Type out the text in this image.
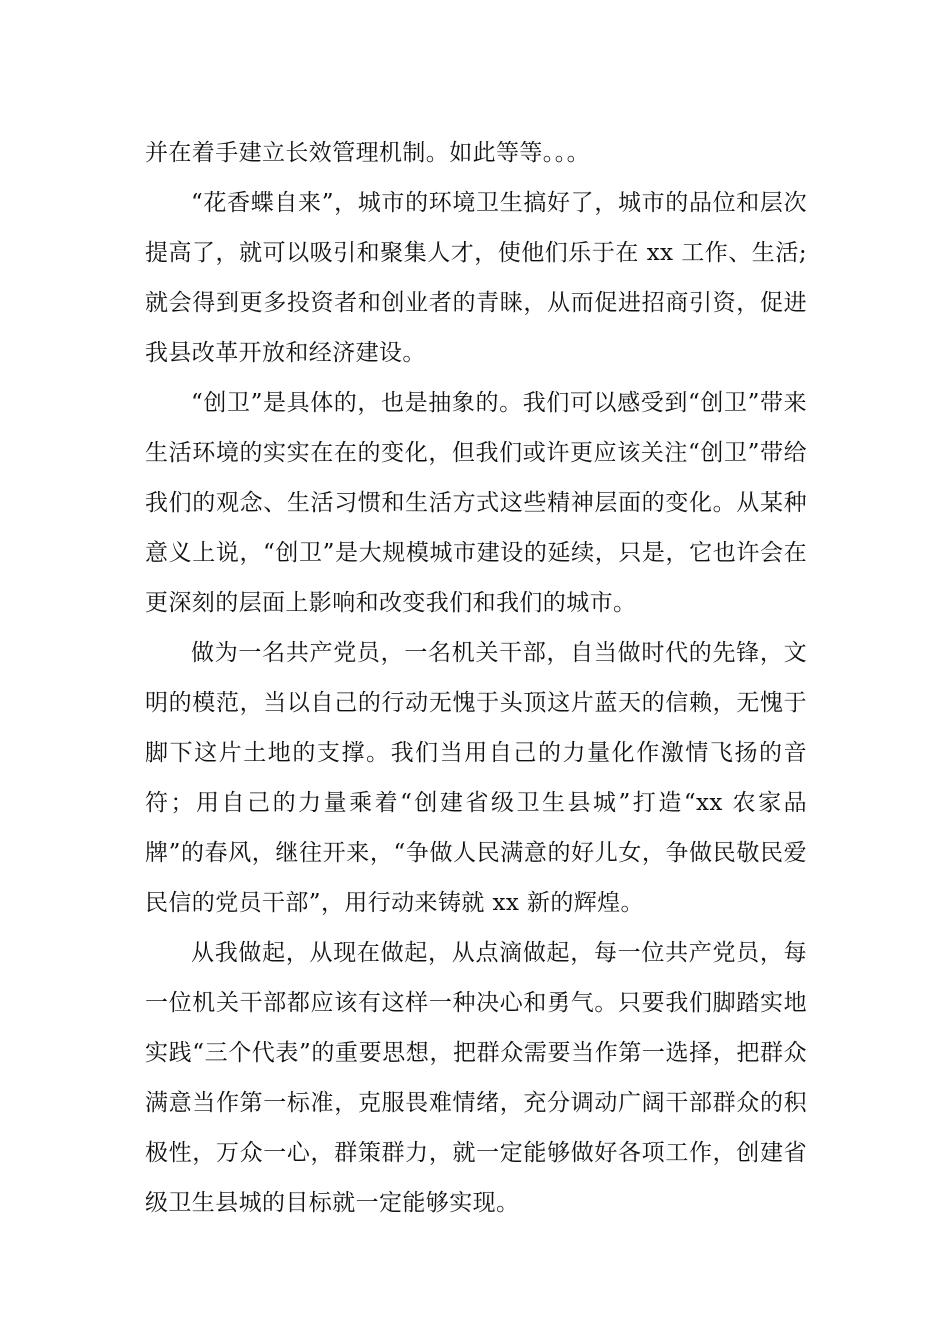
并在着手建立长效管理机制。如此等等。。。

“花香蝶自来”，城市的环境卫生搞好了，城市的品位和层次提高了，就可以吸引和聚集人才，使他们乐于在 xx 工作、生活;就会得到更多投资者和创业者的青睐，从而促进招商引资，促进我县改革开放和经济建设。

“创卫”是具体的，也是抽象的。我们可以感受到“创卫”带来生活环境的实实在在的变化，但我们或许更应该关注“创卫”带给我们的观念、生活习惯和生活方式这些精神层面的变化。从某种意义上说，“创卫”是大规模城市建设的延续，只是，它也许会在更深刻的层面上影响和改变我们和我们的城市。

做为一名共产党员，一名机关干部，自当做时代的先锋，文明的模范，当以自己的行动无愧于头顶这片蓝天的信赖，无愧于脚下这片土地的支撑。我们当用自己的力量化作激情飞扬的音符；用自己的力量乘着“创建省级卫生县城”打造“xx 农家品牌”的春风，继往开来，“争做人民满意的好儿女，争做民敬民爱民信的党员干部”，用行动来铸就 xx 新的辉煌。

从我做起，从现在做起，从点滴做起，每一位共产党员，每一位机关干部都应该有这样一种决心和勇气。只要我们脚踏实地实践“三个代表”的重要思想，把群众需要当作第一选择，把群众满意当作第一标准，克服畏难情绪，充分调动广阔干部群众的积极性，万众一心，群策群力，就一定能够做好各项工作，创建省级卫生县城的目标就一定能够实现。
